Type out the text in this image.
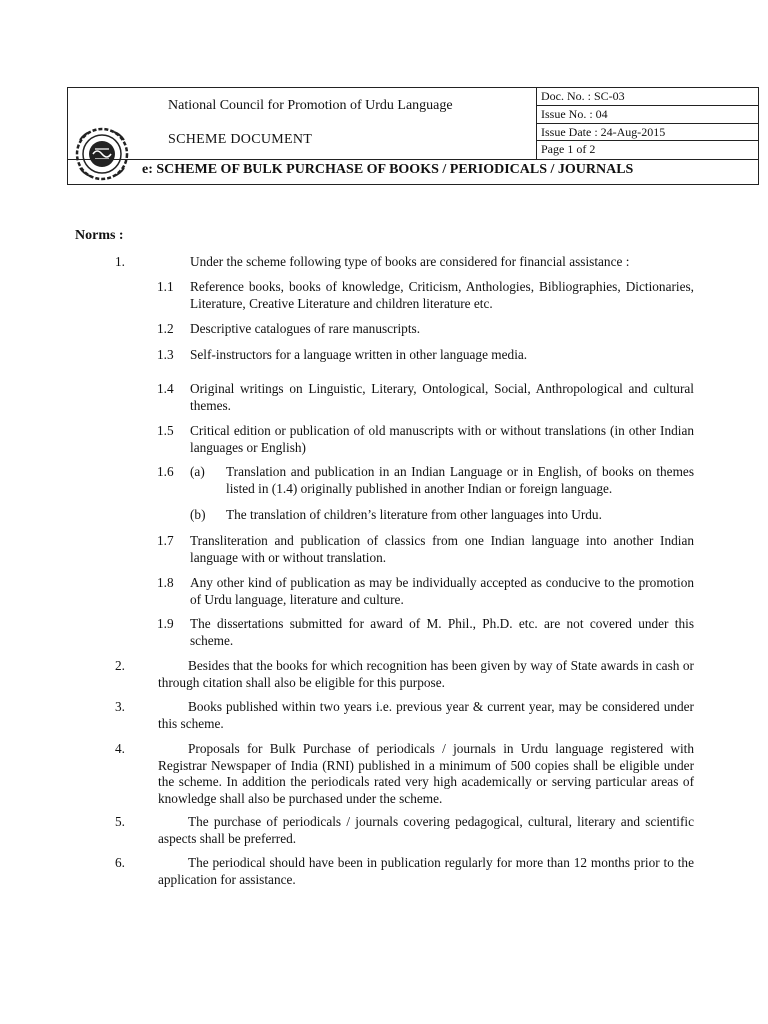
National Council for Promotion of Urdu Language
SCHEME DOCUMENT
Doc. No. : SC-03
Issue No. : 04
Issue Date : 24-Aug-2015
Page 1 of 2
e: SCHEME OF BULK PURCHASE OF BOOKS / PERIODICALS / JOURNALS
Norms :
1.	Under the scheme following type of books are considered for financial assistance :
1.1 Reference books, books of knowledge, Criticism, Anthologies, Bibliographies, Dictionaries, Literature, Creative Literature and children literature etc.
1.2 Descriptive catalogues of rare manuscripts.
1.3 Self-instructors for a language written in other language media.
1.4 Original writings on Linguistic, Literary, Ontological, Social, Anthropological and cultural themes.
1.5 Critical edition or publication of old manuscripts with or without translations (in other Indian languages or English)
1.6 (a) Translation and publication in an Indian Language or in English, of books on themes listed in (1.4) originally published in another Indian or foreign language.
(b) The translation of children’s literature from other languages into Urdu.
1.7 Transliteration and publication of classics from one Indian language into another Indian language with or without translation.
1.8 Any other kind of publication as may be individually accepted as conducive to the promotion of Urdu language, literature and culture.
1.9 The dissertations submitted for award of M. Phil., Ph.D. etc. are not covered under this scheme.
2.	Besides that the books for which recognition has been given by way of State awards in cash or through citation shall also be eligible for this purpose.
3.	Books published within two years i.e. previous year & current year, may be considered under this scheme.
4.	Proposals for Bulk Purchase of periodicals / journals in Urdu language registered with Registrar Newspaper of India (RNI) published in a minimum of 500 copies shall be eligible under the scheme. In addition the periodicals rated very high academically or serving particular areas of knowledge shall also be purchased under the scheme.
5.	The purchase of periodicals / journals covering pedagogical, cultural, literary and scientific aspects shall be preferred.
6.	The periodical should have been in publication regularly for more than 12 months prior to the application for assistance.
